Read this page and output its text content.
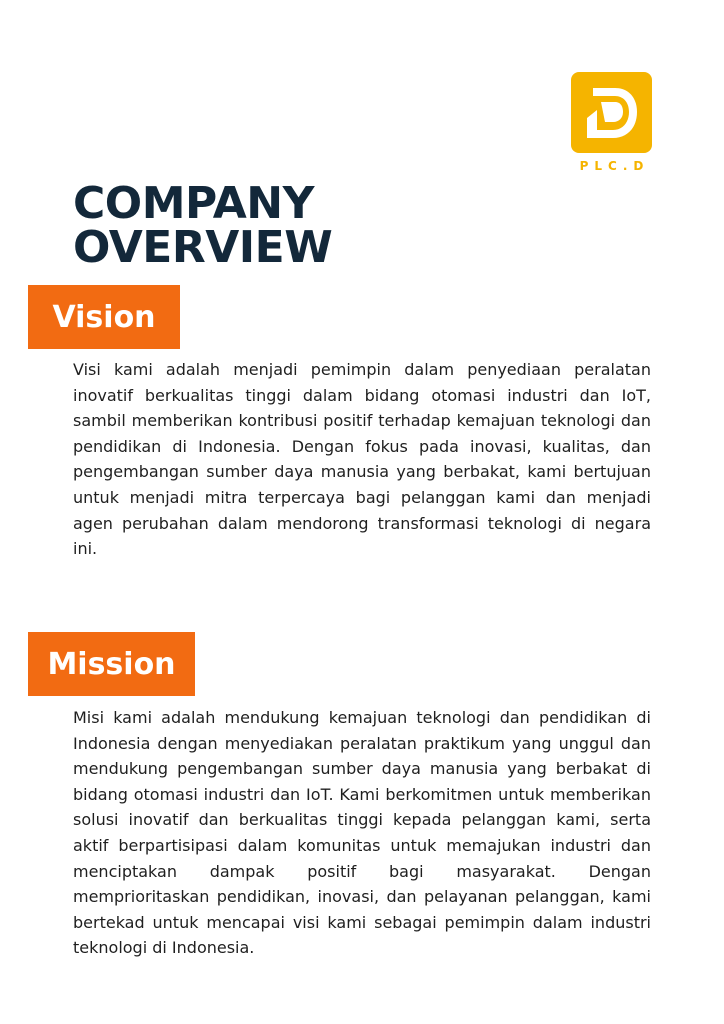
PLC.D
COMPANY
OVERVIEW
Vision

Visi kami adalah menjadi pemimpin dalam penyediaan peralatan inovatif berkualitas tinggi dalam bidang otomasi industri dan IoT, sambil memberikan kontribusi positif terhadap kemajuan teknologi dan pendidikan di Indonesia. Dengan fokus pada inovasi, kualitas, dan pengembangan sumber daya manusia yang berbakat, kami bertujuan untuk menjadi mitra terpercaya bagi pelanggan kami dan menjadi agen perubahan dalam mendorong transformasi teknologi di negara ini.

Mission

Misi kami adalah mendukung kemajuan teknologi dan pendidikan di Indonesia dengan menyediakan peralatan praktikum yang unggul dan mendukung pengembangan sumber daya manusia yang berbakat di bidang otomasi industri dan IoT. Kami berkomitmen untuk memberikan solusi inovatif dan berkualitas tinggi kepada pelanggan kami, serta aktif berpartisipasi dalam komunitas untuk memajukan industri dan menciptakan dampak positif bagi masyarakat. Dengan memprioritaskan pendidikan, inovasi, dan pelayanan pelanggan, kami bertekad untuk mencapai visi kami sebagai pemimpin dalam industri teknologi di Indonesia.
